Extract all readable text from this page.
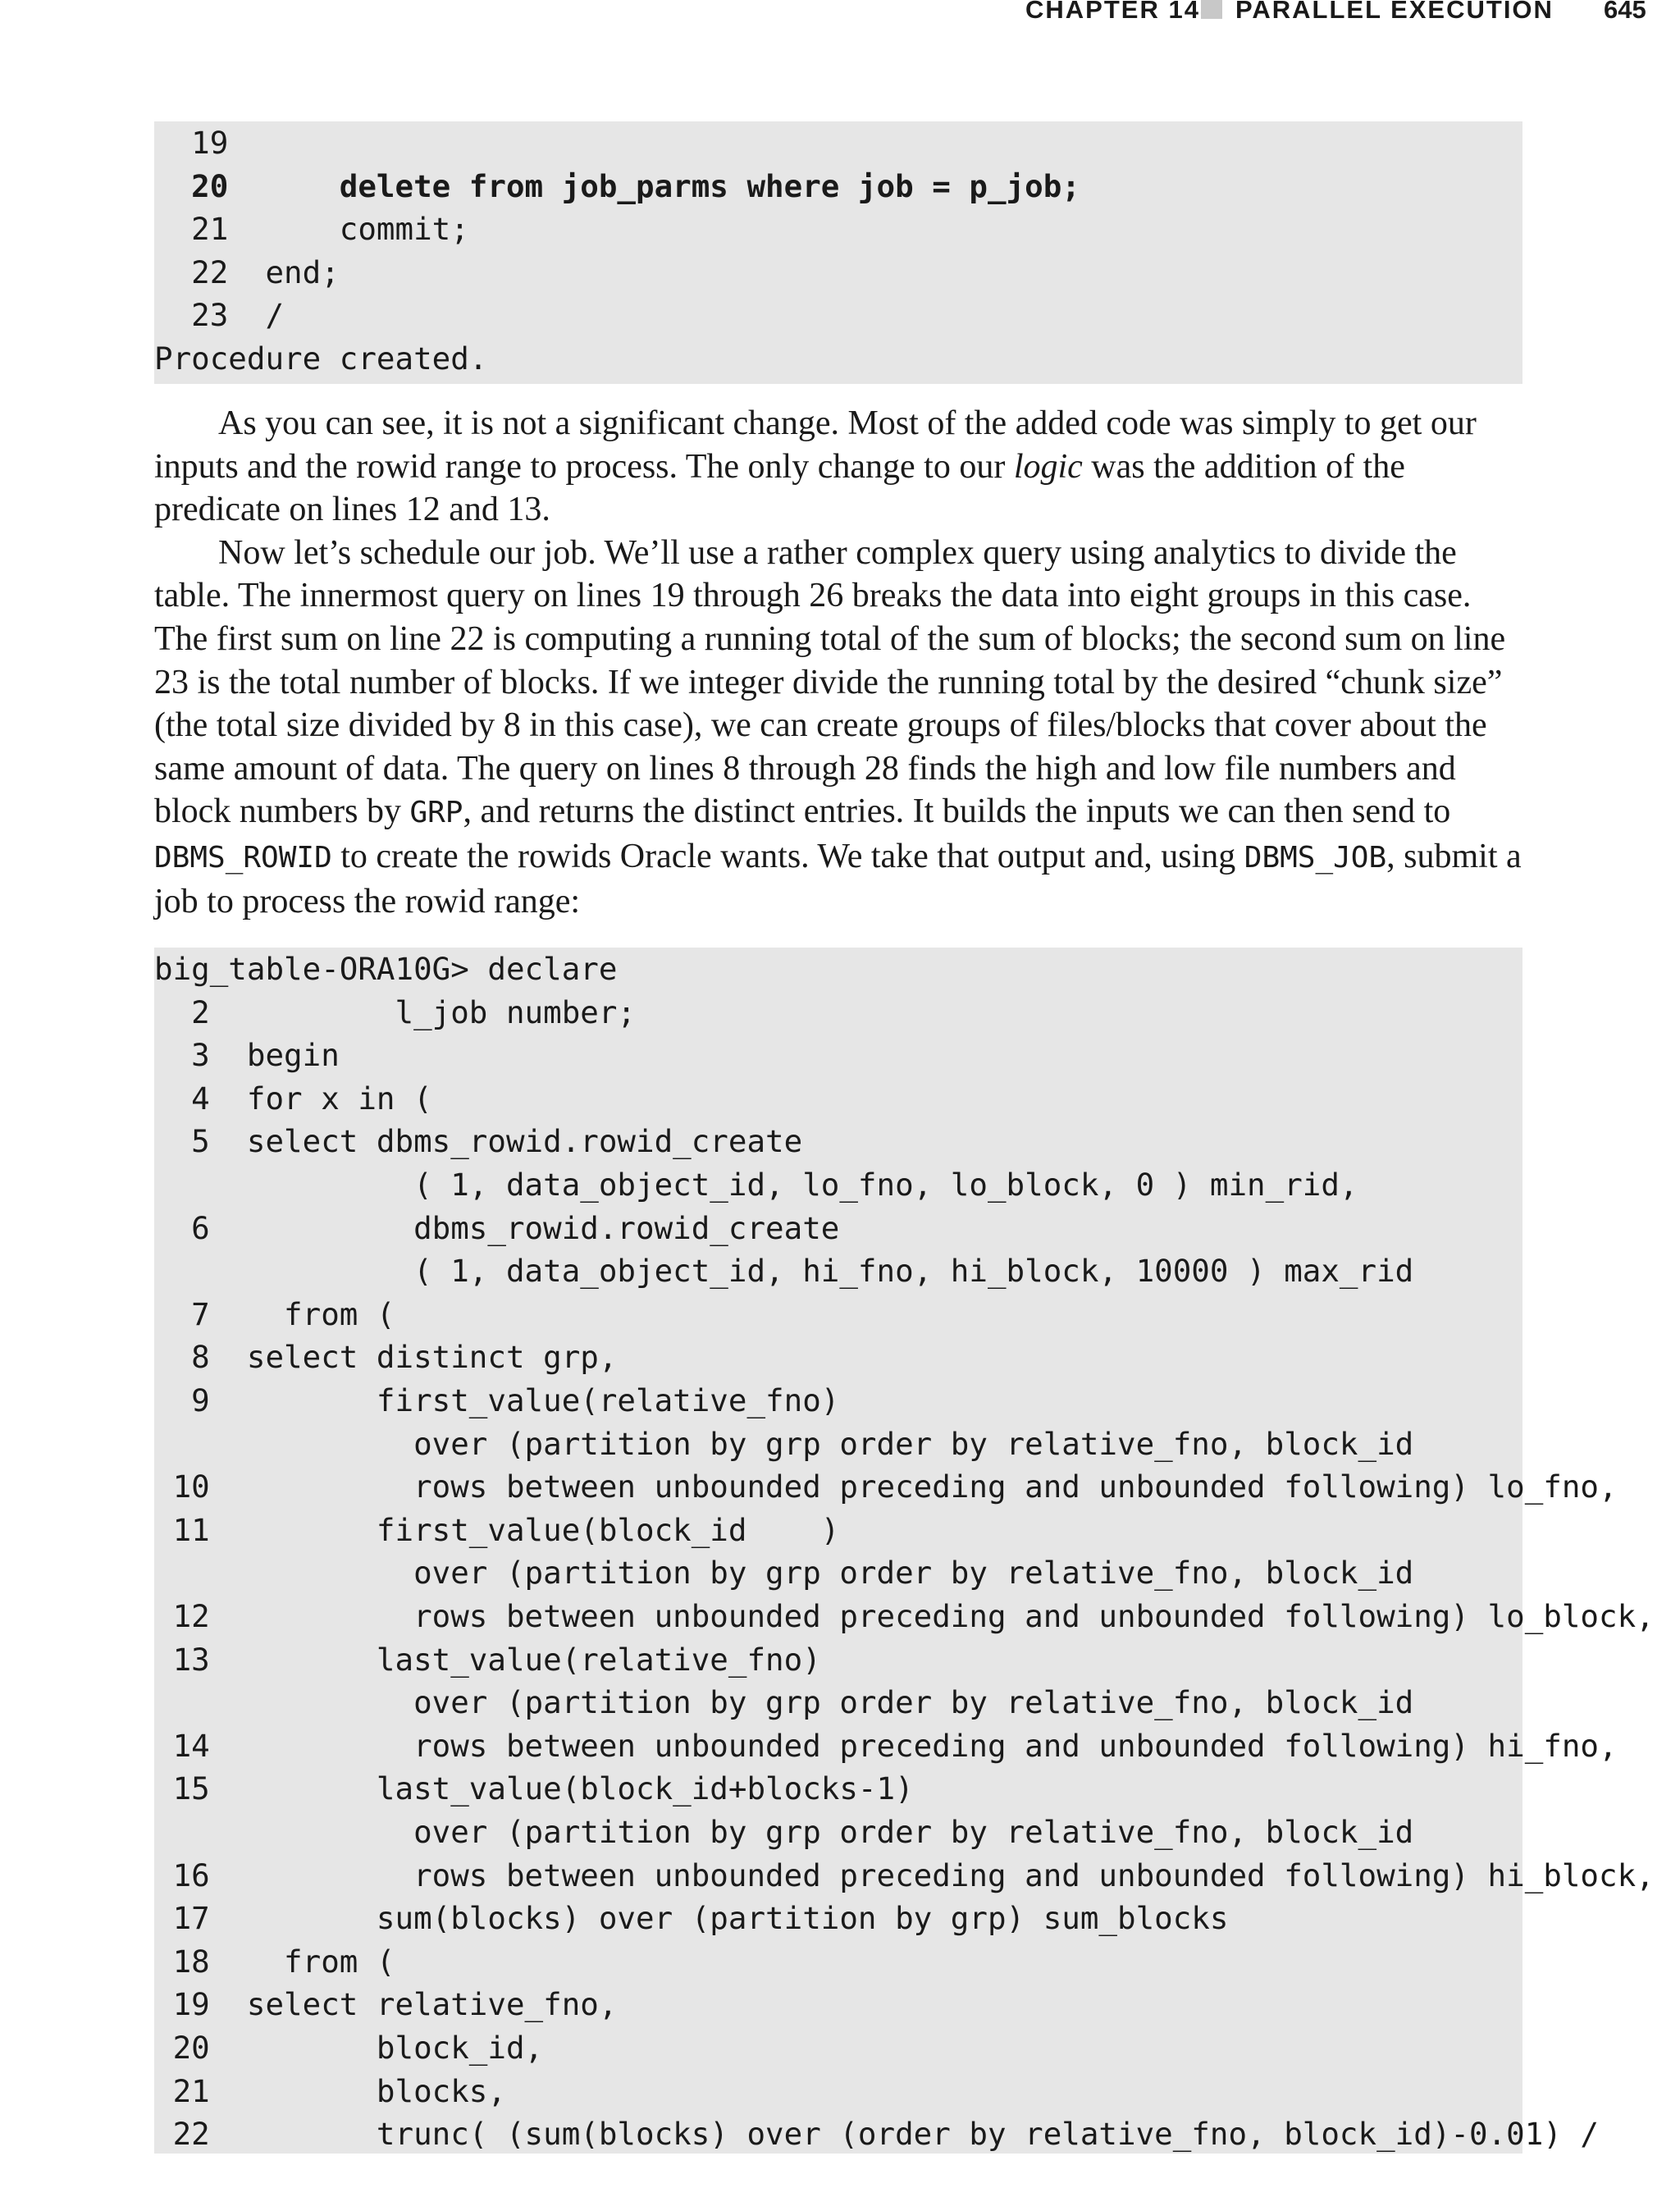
CHAPTER 14 PARALLEL EXECUTION 645
19
20      delete from job_parms where job = p_job;
21      commit;
22  end;
23  /
Procedure created.

As you can see, it is not a significant change. Most of the added code was simply to get our inputs and the rowid range to process. The only change to our logic was the addition of the predicate on lines 12 and 13.

Now let’s schedule our job. We’ll use a rather complex query using analytics to divide the table. The innermost query on lines 19 through 26 breaks the data into eight groups in this case. The first sum on line 22 is computing a running total of the sum of blocks; the second sum on line 23 is the total number of blocks. If we integer divide the running total by the desired “chunk size” (the total size divided by 8 in this case), we can create groups of files/blocks that cover about the same amount of data. The query on lines 8 through 28 finds the high and low file numbers and block numbers by GRP, and returns the distinct entries. It builds the inputs we can then send to DBMS_ROWID to create the rowids Oracle wants. We take that output and, using DBMS_JOB, submit a job to process the rowid range:

big_table-ORA10G> declare
2          l_job number;
3  begin
4  for x in (
5  select dbms_rowid.rowid_create
( 1, data_object_id, lo_fno, lo_block, 0 ) min_rid,
6           dbms_rowid.rowid_create
( 1, data_object_id, hi_fno, hi_block, 10000 ) max_rid
7    from (
8  select distinct grp,
9         first_value(relative_fno)
over (partition by grp order by relative_fno, block_id
10           rows between unbounded preceding and unbounded following) lo_fno,
11         first_value(block_id    )
over (partition by grp order by relative_fno, block_id
12           rows between unbounded preceding and unbounded following) lo_block,
13         last_value(relative_fno)
over (partition by grp order by relative_fno, block_id
14           rows between unbounded preceding and unbounded following) hi_fno,
15         last_value(block_id+blocks-1)
over (partition by grp order by relative_fno, block_id
16           rows between unbounded preceding and unbounded following) hi_block,
17         sum(blocks) over (partition by grp) sum_blocks
18    from (
19  select relative_fno,
20         block_id,
21         blocks,
22         trunc( (sum(blocks) over (order by relative_fno, block_id)-0.01) /
